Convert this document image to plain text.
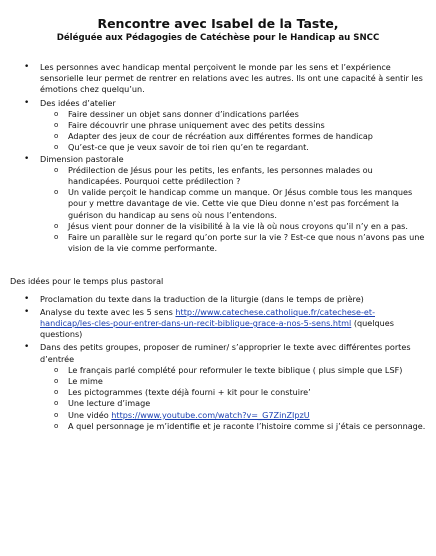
Rencontre avec Isabel de la Taste,

Déléguée aux Pédagogies de Catéchèse pour le Handicap au SNCC

• Les personnes avec handicap mental perçoivent le monde par les sens et l’expérience sensorielle leur permet de rentrer en relations avec les autres. Ils ont une capacité à sentir les émotions chez quelqu’un.
• Des idées d’atelier
o Faire dessiner un objet sans donner d’indications parlées
o Faire découvrir une phrase uniquement avec des petits dessins
o Adapter des jeux de cour de récréation aux différentes formes de handicap
o Qu’est-ce que je veux savoir de toi rien qu’en te regardant.
• Dimension pastorale
o Prédilection de Jésus pour les petits, les enfants, les personnes malades ou handicapées. Pourquoi cette prédilection ?
o Un valide perçoit le handicap comme un manque. Or Jésus comble tous les manques pour y mettre davantage de vie. Cette vie que Dieu donne n’est pas forcément la guérison du handicap au sens où nous l’entendons.
o Jésus vient pour donner de la visibilité à la vie là où nous croyons qu’il n’y en a pas.
o Faire un parallèle sur le regard qu’on porte sur la vie ? Est-ce que nous n’avons pas une vision de la vie comme performante.

Des idées pour le temps plus pastoral

• Proclamation du texte dans la traduction de la liturgie (dans le temps de prière)
• Analyse du texte avec les 5 sens http://www.catechese.catholique.fr/catechese-et-handicap/les-cles-pour-entrer-dans-un-recit-biblique-grace-a-nos-5-sens.html (quelques questions)
• Dans des petits groupes, proposer de ruminer/ s’approprier le texte avec différentes portes d’entrée
o Le français parlé complété pour reformuler le texte biblique ( plus simple que LSF)
o Le mime
o Les pictogrammes (texte déjà fourni + kit pour le constuire’
o Une lecture d’image
o Une vidéo https://www.youtube.com/watch?v=_G7ZinZIpzU
o A quel personnage je m’identifie et je raconte l’histoire comme si j’étais ce personnage.
